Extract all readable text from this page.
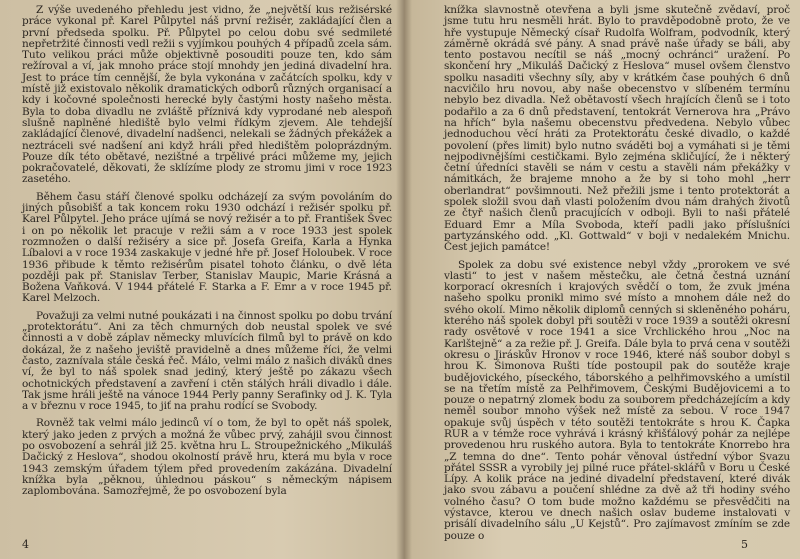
Z výše uvedeného přehledu jest vidno, že „největší kus režisérské práce vykonal př. Karel Půlpytel náš první režisér, zakládající člen a první předseda spolku. Př. Půlpytel po celou dobu své sedmileté nepřetržité činnosti vedl režii s vyjímkou pouhých 4 případů zcela sám. Tuto velikou práci může objektivně posouditi pouze ten, kdo sám režíroval a ví, jak mnoho práce stojí mnohdy jen jediná divadelní hra. Jest to práce tím cennější, že byla vykonána v začátcích spolku, kdy v místě již existovalo několik dramatických odborů různých organisací a kdy i kočovné společnosti herecké byly častými hosty našeho města. Byla to doba divadlu ne zvláště příznivá kdy vyprodané neb alespoň slušně naplněné hlediště bylo velmi řídkým zjevem. Ale tehdejší zakládající členové, divadelní nadšenci, nelekali se žádných překážek a neztráceli své nadšení ani když hráli před hledištěm poloprázdným. Pouze dík této obětavé, nezištné a trpělivé práci můžeme my, jejich pokračovatelé, děkovati, že sklízíme plody ze stromu jimi v roce 1923 zasetého.

Během času stáří členové spolku odcházejí za svým povoláním do jiných působišť a tak koncem roku 1930 odchází i režisér spolku př. Karel Půlpytel. Jeho práce ujímá se nový režisér a to př. František Švec i on po několik let pracuje v režii sám a v roce 1933 jest spolek rozmnožen o další režiséry a sice př. Josefa Greifa, Karla a Hynka Líbalovi a v roce 1934 zaskakuje v jedné hře př. Josef Holoubek. V roce 1936 přibude k těmto režisérům pisatel tohoto článku, o dvě léta později pak př. Stanislav Terber, Stanislav Maupic, Marie Krásná a Božena Vaňková. V 1944 přátelé F. Starka a F. Emr a v roce 1945 př. Karel Melzoch.

Považuji za velmi nutné poukázati i na činnost spolku po dobu trvání „protektorátu“. Ani za těch chmurných dob neustal spolek ve své činnosti a v době záplav německy mluvících filmů byl to právě on kdo dokázal, že z našeho jeviště pravidelně a dnes můžeme říci, že velmi často, zaznívala stále česká řeč. Málo, velmi málo z našich diváků dnes ví, že byl to náš spolek snad jediný, který ještě po zákazu všech ochotnických představení a zavření i ctěn stálých hráli divadlo i dále. Tak jsme hráli ještě na vánoce 1944 Perly panny Serafinky od J. K. Tyla a v březnu v roce 1945, to jiť na prahu rodící se Svobody.

Rovněž tak velmi málo jedinců ví o tom, že byl to opět náš spolek, který jako jeden z prvých a možná že vůbec prvý, zahájil svou činnost po osvobození a sehrál již 25. května hru L. Stroupežnického „Mikuláš Dačický z Heslova“, shodou okolností právě hru, která mu byla v roce 1943 zemským úřadem týlem před provedením zakázána. Divadelní knížka byla „pěknou, úhlednou páskou“ s německým nápisem zaplombována. Samozřejmě, že po osvobození byla

4

knížka slavnostně otevřena a byli jsme skutečně zvědaví, proč jsme tutu hru nesměli hrát. Bylo to pravděpodobně proto, že ve hře vystupuje Německý císař Rudolfa Wolfram, podvodník, který záměrně okrádá své pány. A snad právě naše úřady se báli, aby tento postavou necítil se náš „mocný ochránci“ uražení. Po skončení hry „Mikuláš Dačický z Heslova“ musel ovšem členstvo spolku nasaditi všechny síly, aby v krátkém čase pouhých 6 dnů nacvičilo hru novou, aby naše obecenstvo v slíbeném termínu nebylo bez divadla. Než obětavostí všech hrajících členů se i toto podařilo a za 6 dnů představení, tentokrát Vernerova hra „Právo na hřích“ byla našemu obecenstvu předvedena. Nebylo vůbec jednoduchou věcí hráti za Protektorátu české divadlo, o každé povolení (přes limit) bylo nutno sváděti boj a vymáhati si je těmi nejpodivnějšími cestičkami. Bylo zejména skličující, že i některý četní úředníci stavěli se nám v cestu a stavěli nám překážky v námitkách, že brajeme mnoho a že by si toho mohl „herr oberlandrat“ povšimnouti. Než přežili jsme i tento protektorát a spolek složil svou daň vlasti položením dvou nám drahých životů ze čtyř našich členů pracujících v odboji. Byli to naši přátelé Eduard Emr a Míla Svoboda, kteří padli jako příslušníci partyzánského odd. „Kl. Gottwald“ v boji v nedalekém Mnichu. Čest jejich památce!

Spolek za dobu své existence nebyl vždy „prorokem ve své vlasti“ to jest v našem městečku, ale četná čestná uznání korporací okresních i krajových svědčí o tom, že zvuk jména našeho spolku pronikl mimo své místo a mnohem dále než do svého okolí. Mimo několik diplomů cenných si skleněného poháru, kterého náš spolek dobyl při soutěži v roce 1939 a soutěži okresní rady osvětové v roce 1941 a sice Vrchlického hrou „Noc na Karlštejně“ a za režie př. J. Greifa. Dále byla to prvá cena v soutěži okresu o Jiráskův Hronov v roce 1946, které náš soubor dobyl s hrou K. Šimonova Rušti tíde postoupil pak do soutěže kraje budějovického, píseckého, táborského a pelhřimovského a umístil se na třetím místě za Pelhřimovem, Českými Budějovicemi a to pouze o nepatrný zlomek bodu za souborem předcházejícím a kdy neměl soubor mnoho výšek než místě za sebou. V roce 1947 opakuje svůj úspěch v této soutěži tentokráte s hrou K. Čapka RUR a v témže roce vyhrává i krásný křišťálový pohár za nejlépe provedenou hru ruského autora. Byla to tentokráte Knorrebo hra „Z temna do dne“. Tento pohár věnoval ústřední výbor Svazu přátel SSSR a vyrobily jej pilné ruce přátel-sklářů v Boru u České Lípy. A kolik práce na jediné divadelní představení, které divák jako svou zábavu a poučení shlédne za dvě až tři hodiny svého volného času? O tom bude možno každému se přesvědčiti na výstavce, kterou ve dnech našich oslav budeme instalovati v prisálí divadelního sálu „U Kejstů“. Pro zajímavost zmíním se zde pouze o

5
